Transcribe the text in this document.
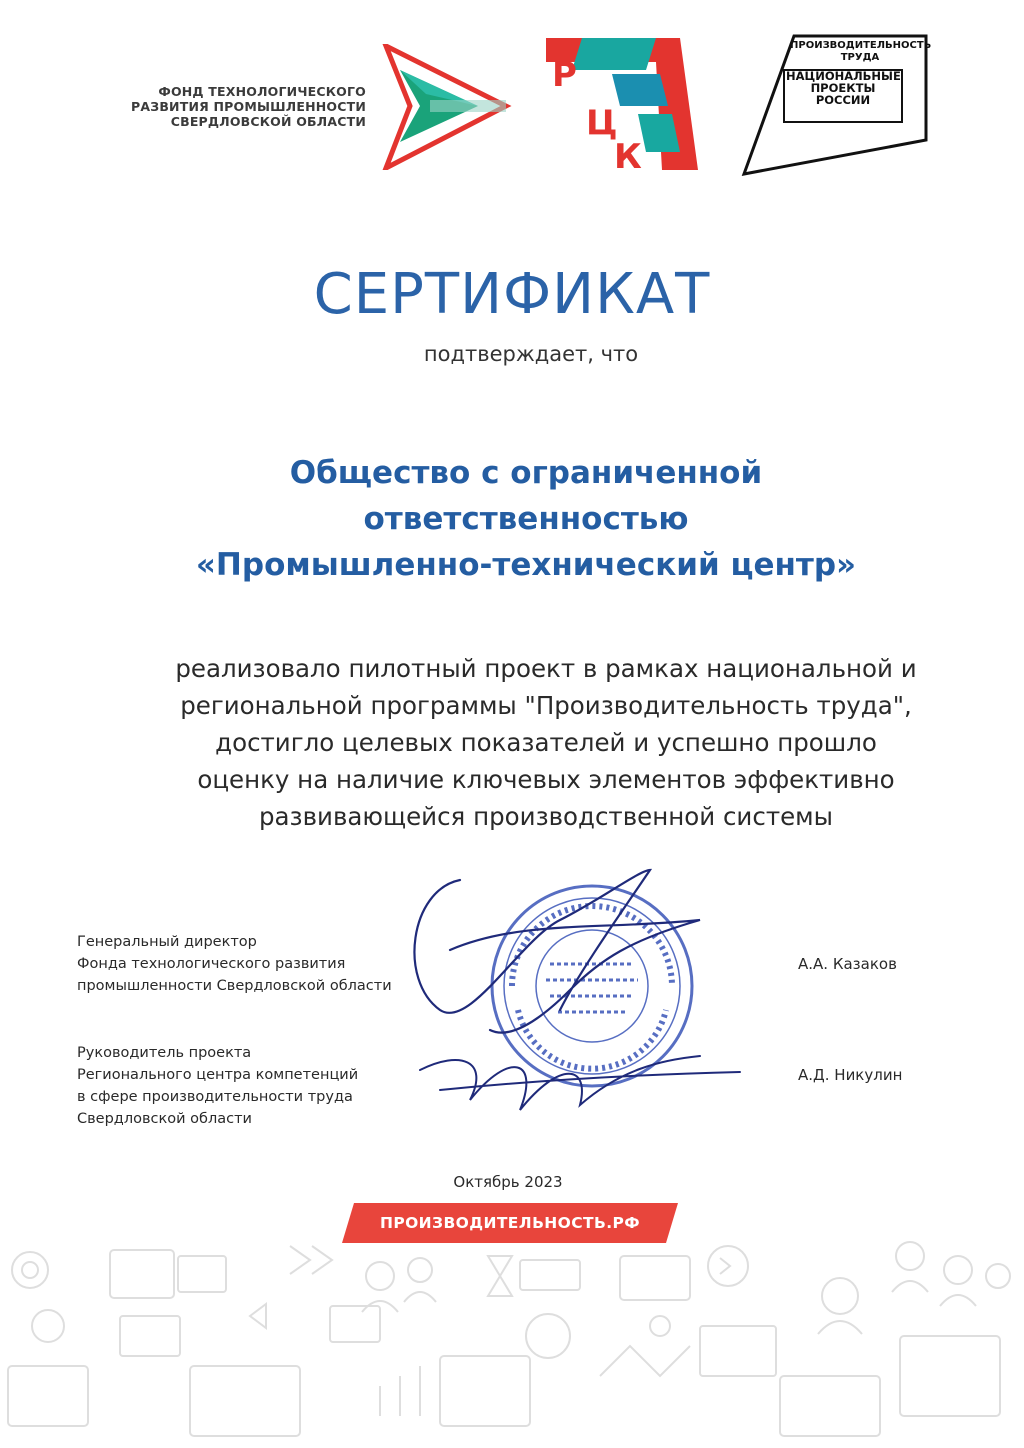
ФОНД ТЕХНОЛОГИЧЕСКОГО
РАЗВИТИЯ ПРОМЫШЛЕННОСТИ
СВЕРДЛОВСКОЙ ОБЛАСТИ
Р
Ц
К
ПРОИЗВОДИТЕЛЬНОСТЬ
ТРУДА
НАЦИОНАЛЬНЫЕ
ПРОЕКТЫ
РОССИИ
СЕРТИФИКАТ
подтверждает, что
Общество с ограниченной
ответственностью
«Промышленно-технический центр»
реализовало пилотный проект в рамках национальной и
региональной программы "Производительность труда",
достигло целевых показателей и успешно прошло
оценку на наличие ключевых элементов эффективно
развивающейся производственной системы
Генеральный директор
Фонда технологического развития
промышленности Свердловской области
А.А. Казаков
Руководитель проекта
Регионального центра компетенций
в сфере производительности труда
Свердловской области
А.Д. Никулин
Октябрь 2023
ПРОИЗВОДИТЕЛЬНОСТЬ.РФ
